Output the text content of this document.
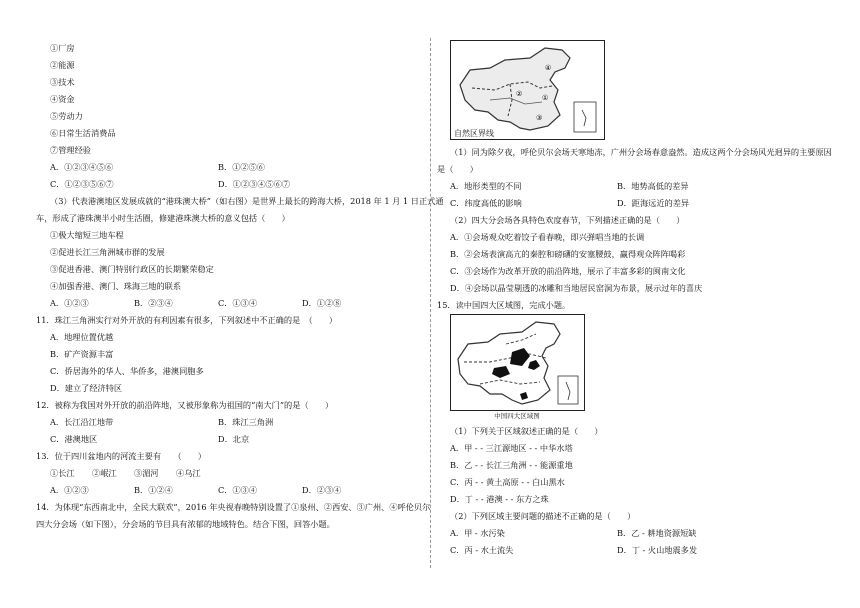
①厂房
②能源
③技术
④资金
⑤劳动力
⑥日常生活消费品
⑦管理经验
A．①②③④⑤⑥	B．①②⑤⑥
C．①②③⑤⑥⑦	D．①②③④⑤⑥⑦
（3）代表港澳地区发展成就的“港珠澳大桥”（如右图）是世界上最长的跨海大桥，2018 年 1 月 1 日正式通
车，形成了港珠澳半小时生活圈，修建港珠澳大桥的意义包括（　　）
①极大缩短三地车程
②促进长江三角洲城市群的发展
③促进香港、澳门特别行政区的长期繁荣稳定
④加强香港、澳门、珠海三地的联系
A．①②③	B．②③④	C．①③④	D．①②⑧
11．珠江三角洲实行对外开放的有利因素有很多，下列叙述中不正确的是　（　　）
A．地理位置优越
B．矿产资源丰富
C．侨居海外的华人、华侨多，港澳同胞多
D．建立了经济特区
12．被称为我国对外开放的前沿阵地，又被形象称为祖国的“南大门”的是（　　）
A．长江沿江地带	B．珠江三角洲
C．港澳地区	D．北京
13．位于四川盆地内的河流主要有　　（　　）
①长江 ②岷江 ③湄河 ④乌江
A．①②③	B．①②④	C．①③④	D．②③④
14．为体现“东西南北中，全民大联欢”，2016 年央视春晚特别设置了①泉州、②西安、③广州、④呼伦贝尔
四大分会场（如下图），分会场的节目具有浓郁的地域特色。结合下图，回答小题。
④
②	①
③
自然区界线
（1）同为除夕夜，呼伦贝尔会场天寒地冻，广州分会场春意盎然。造成这两个分会场风光迥异的主要原因
是（　　）
A．地形类型的不同	B．地势高低的差异
C．纬度高低的影响	D．距海远近的差异
（2）四大分会场各具特色欢度春节，下列描述正确的是（　　）
A．①会场观众吃着饺子看春晚，即兴弹唱当地的长调
B．②会场表演高亢的秦腔和磅礴的安塞腰鼓，赢得观众阵阵喝彩
C．③会场作为改革开放的前沿阵地，展示了丰富多彩的闽南文化
D．④会场以晶莹剔透的冰雕和当地居民窑洞为布景，展示过年的喜庆
15．读中国四大区域图，完成小题。
中国四大区域图
（1）下列关于区域叙述正确的是（　　）
A．甲 - - 三江源地区 - - 中华水塔
B．乙 - - 长江三角洲 - - 能源重地
C．丙 - - 黄土高原 - - 白山黑水
D．丁 - - 港澳 - - 东方之珠
（2）下列区域主要问题的描述不正确的是（　　）
A．甲 - 水污染	B．乙 - 耕地资源短缺
C．丙 - 水土流失	D．丁 - 火山地震多发
